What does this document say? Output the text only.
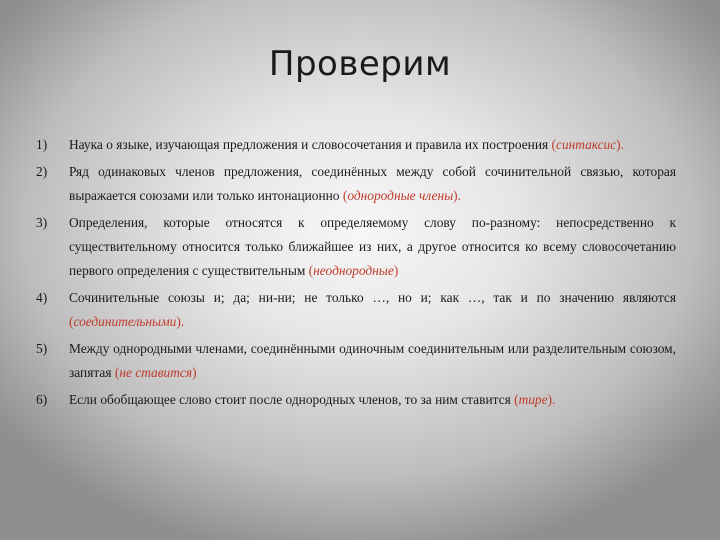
Проверим
1) Наука о языке, изучающая предложения и словосочетания и правила их построения (синтаксис).
2) Ряд одинаковых членов предложения, соединённых между собой сочинительной связью, которая выражается союзами или только интонационно (однородные члены).
3) Определения, которые относятся к определяемому слову по-разному: непосредственно к существительному относится только ближайшее из них, а другое относится ко всему словосочетанию первого определения с существительным (неоднородные)
4) Сочинительные союзы и; да; ни-ни; не только …, но и; как …, так и по значению являются (соединительными).
5) Между однородными членами, соединёнными одиночным соединительным или разделительным союзом, запятая (не ставится)
6) Если обобщающее слово стоит после однородных членов, то за ним ставится (тире).
